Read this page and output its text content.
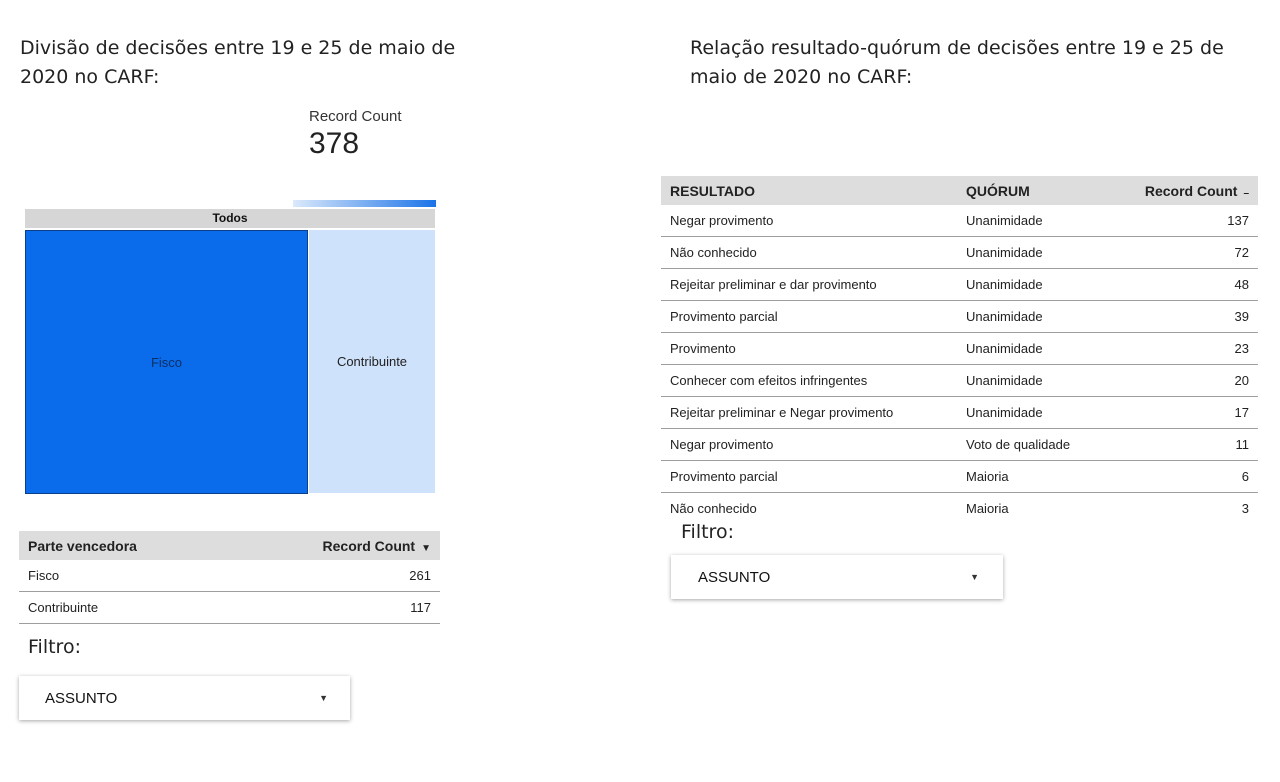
Divisão de decisões entre 19 e 25 de maio de 2020 no CARF:
Record Count
378
Todos
Fisco	Contribuinte
Parte vencedora	Record Count ▼
Fisco	261
Contribuinte	117
Filtro:
ASSUNTO	▼
Relação resultado-quórum de decisões entre 19 e 25 de maio de 2020 no CARF:
RESULTADO	QUÓRUM	Record Count –
Negar provimento	Unanimidade	137
Não conhecido	Unanimidade	72
Rejeitar preliminar e dar provimento	Unanimidade	48
Provimento parcial	Unanimidade	39
Provimento	Unanimidade	23
Conhecer com efeitos infringentes	Unanimidade	20
Rejeitar preliminar e Negar provimento	Unanimidade	17
Negar provimento	Voto de qualidade	11
Provimento parcial	Maioria	6
Não conhecido	Maioria	3
Filtro:
ASSUNTO	▼
